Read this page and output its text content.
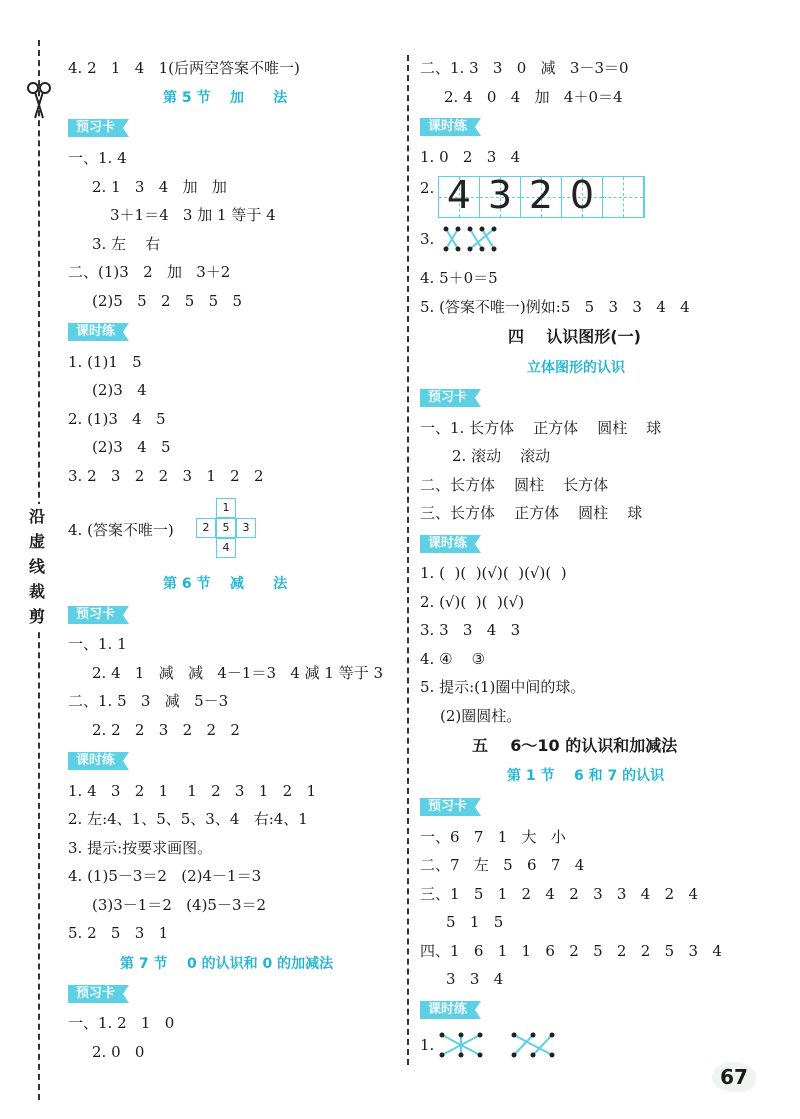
沿
虚
线
裁
剪
4. 2   1   4   1(后两空答案不唯一)
第 5 节    加      法
预习卡
一、1. 4
2. 1   3   4   加   加
3＋1＝4   3 加 1 等于 4
3. 左    右
二、(1)3   2   加   3＋2
(2)5   5   2   5   5   5
课时练
1. (1)1   5
(2)3   4
2. (1)3   4   5
(2)3   4   5
3. 2   3   2   2   3   1   2   2
4. (答案不唯一)
1
2	5	3
4
第 6 节    减      法
预习卡
一、1. 1
2. 4   1   减   减   4－1＝3   4 减 1 等于 3
二、1. 5   3   减   5－3
2. 2   2   3   2   2   2
课时练
1. 4   3   2   1    1   2   3   1   2   1
2. 左:4、1、5、5、3、4   右:4、1
3. 提示:按要求画图。
4. (1)5－3＝2   (2)4－1＝3
(3)3－1＝2   (4)5－3＝2
5. 2   5   3   1
第 7 节    0 的认识和 0 的加减法
预习卡
一、1. 2   1   0
2. 0   0
二、1. 3   3   0   减   3－3＝0
2. 4   0   4   加   4＋0＝4
课时练
1. 0   2   3   4
2. 4 3 2 0
3.
4. 5＋0＝5
5. (答案不唯一)例如:5   5   3   3   4   4
四    认识图形(一)
立体图形的认识
预习卡
一、1. 长方体    正方体    圆柱    球
2. 滚动    滚动
二、长方体    圆柱    长方体
三、长方体    正方体    圆柱    球
课时练
1. (  )(  )(√)(  )(√)(  )
2. (√)(  )(  )(√)
3. 3   3   4   3
4. ④    ③
5. 提示:(1)圈中间的球。
(2)圈圆柱。
五    6～10 的认识和加减法
第 1 节    6 和 7 的认识
预习卡
一、6   7   1   大   小
二、7   左   5   6   7   4
三、1   5   1   2   4   2   3   3   4   2   4
5   1   5
四、1   6   1   1   6   2   5   2   2   5   3   4
3   3   4
课时练
1.
67
